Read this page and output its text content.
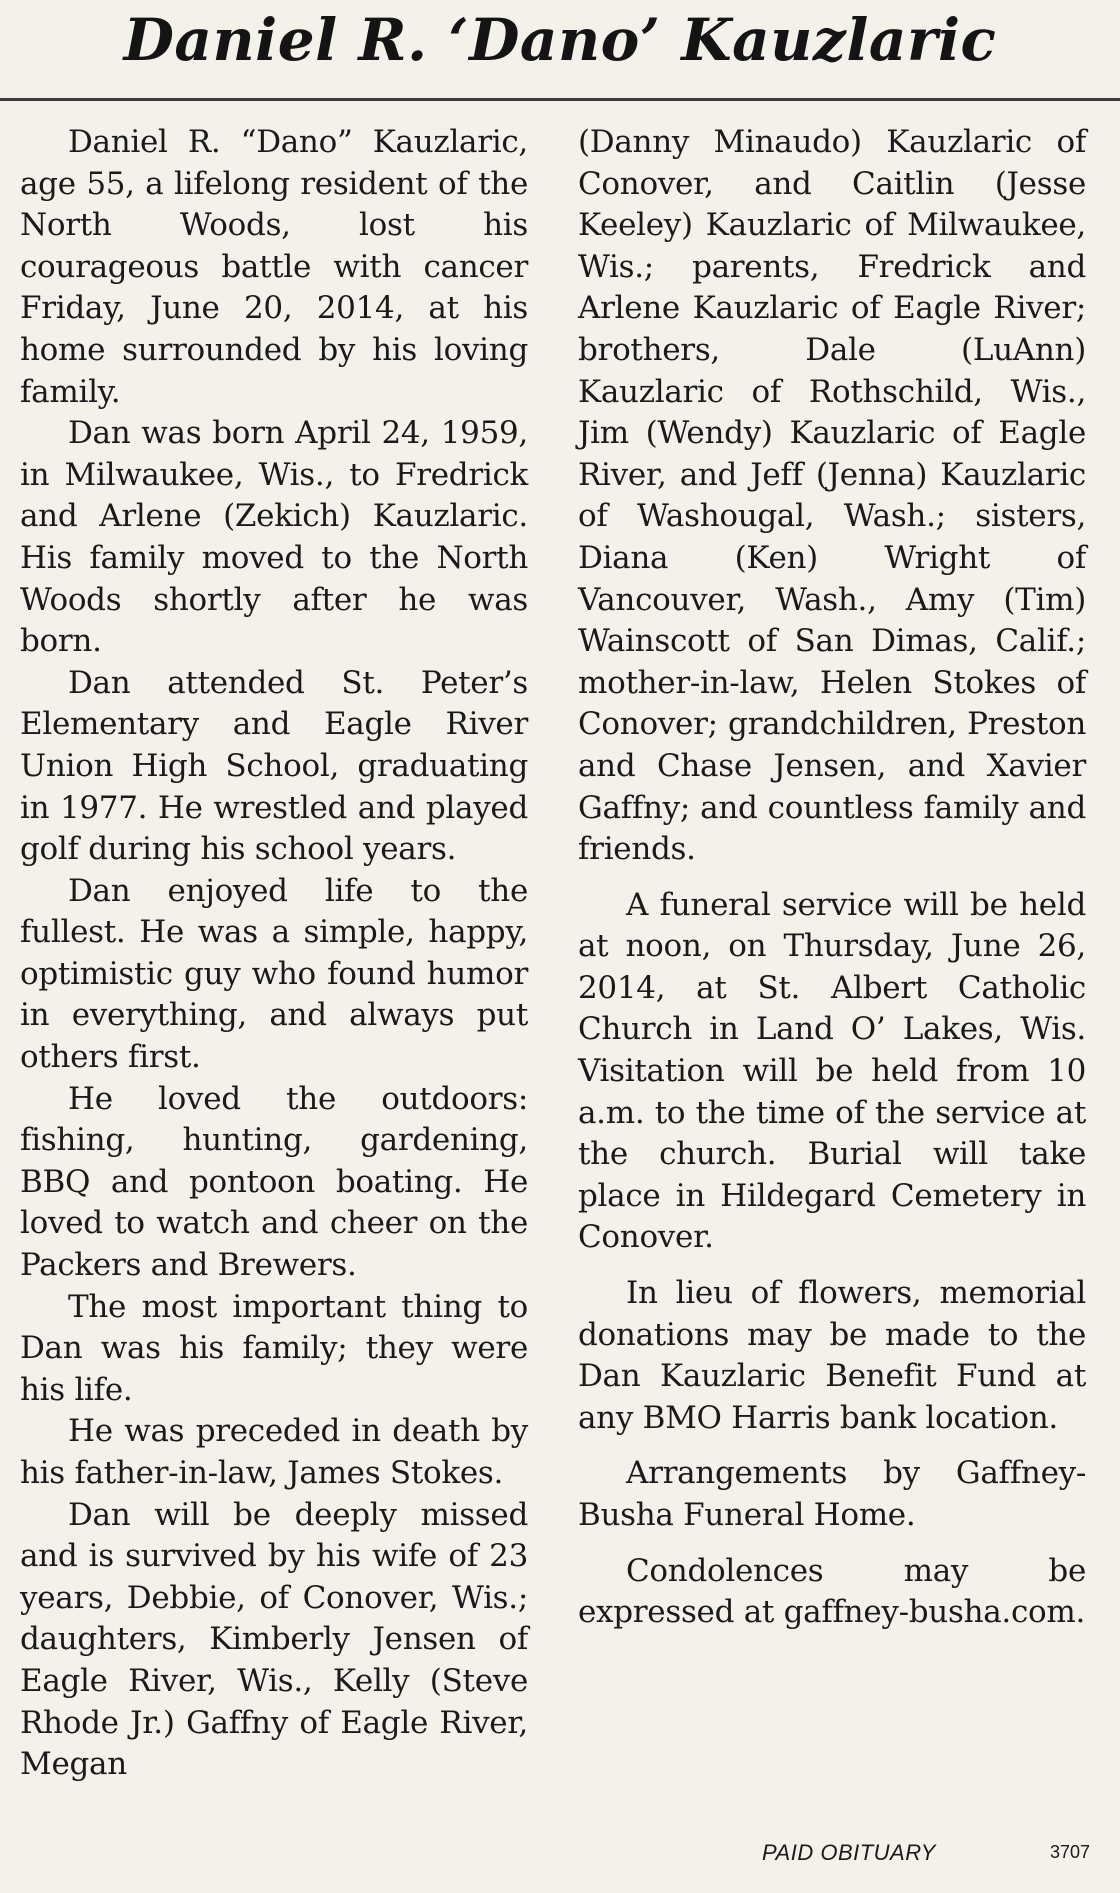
Daniel R. ‘Dano’ Kauzlaric

Daniel R. “Dano” Kauzlaric, age 55, a lifelong resident of the North Woods, lost his courageous battle with cancer Friday, June 20, 2014, at his home surrounded by his loving family.

Dan was born April 24, 1959, in Milwaukee, Wis., to Fredrick and Arlene (Zekich) Kauzlaric. His family moved to the North Woods shortly after he was born.

Dan attended St. Peter’s Elementary and Eagle River Union High School, graduating in 1977. He wrestled and played golf during his school years.

Dan enjoyed life to the fullest. He was a simple, happy, optimistic guy who found humor in everything, and always put others first.

He loved the outdoors: fishing, hunting, gardening, BBQ and pontoon boating. He loved to watch and cheer on the Packers and Brewers.

The most important thing to Dan was his family; they were his life.

He was preceded in death by his father-in-law, James Stokes.

Dan will be deeply missed and is survived by his wife of 23 years, Debbie, of Conover, Wis.; daughters, Kimberly Jensen of Eagle River, Wis., Kelly (Steve Rhode Jr.) Gaffny of Eagle River, Megan

(Danny Minaudo) Kauzlaric of Conover, and Caitlin (Jesse Keeley) Kauzlaric of Milwaukee, Wis.; parents, Fredrick and Arlene Kauzlaric of Eagle River; brothers, Dale (LuAnn) Kauzlaric of Rothschild, Wis., Jim (Wendy) Kauzlaric of Eagle River, and Jeff (Jenna) Kauzlaric of Washougal, Wash.; sisters, Diana (Ken) Wright of Vancouver, Wash., Amy (Tim) Wainscott of San Dimas, Calif.; mother-in-law, Helen Stokes of Conover; grandchildren, Preston and Chase Jensen, and Xavier Gaffny; and countless family and friends.

A funeral service will be held at noon, on Thursday, June 26, 2014, at St. Albert Catholic Church in Land O’ Lakes, Wis. Visitation will be held from 10 a.m. to the time of the service at the church. Burial will take place in Hildegard Cemetery in Conover.

In lieu of flowers, memorial donations may be made to the Dan Kauzlaric Benefit Fund at any BMO Harris bank location.

Arrangements by Gaffney-Busha Funeral Home.

Condolences may be expressed at gaffney-busha.com.

PAID OBITUARY	3707
